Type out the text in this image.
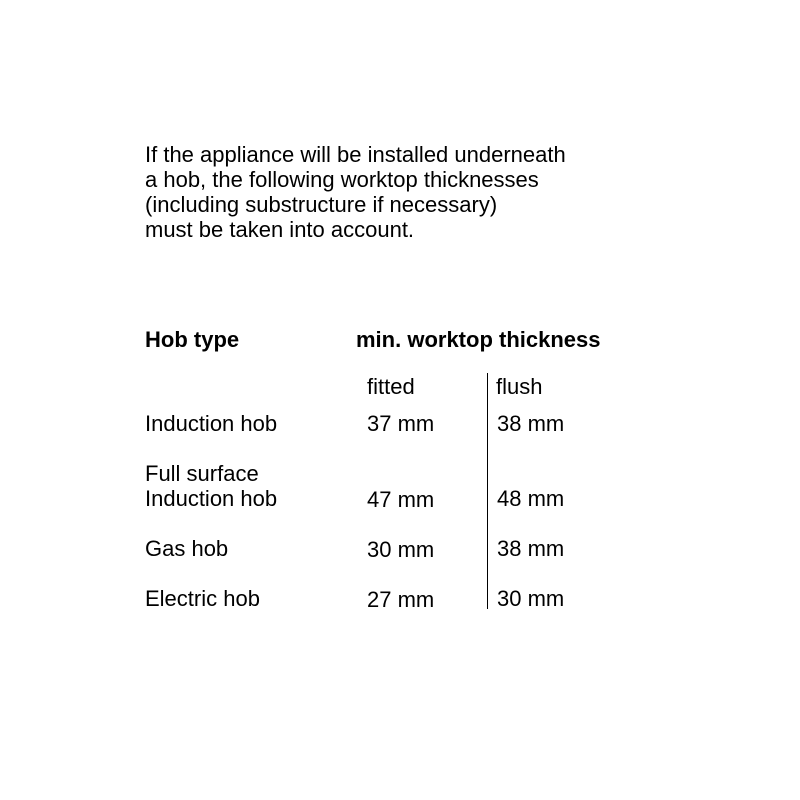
If the appliance will be installed underneath
a hob, the following worktop thicknesses
(including substructure if necessary)
must be taken into account.
Hob type	min. worktop thickness
fitted	flush
Induction hob	37 mm	38 mm
Full surface
Induction hob	47 mm	48 mm
Gas hob	30 mm	38 mm
Electric hob	27 mm	30 mm
